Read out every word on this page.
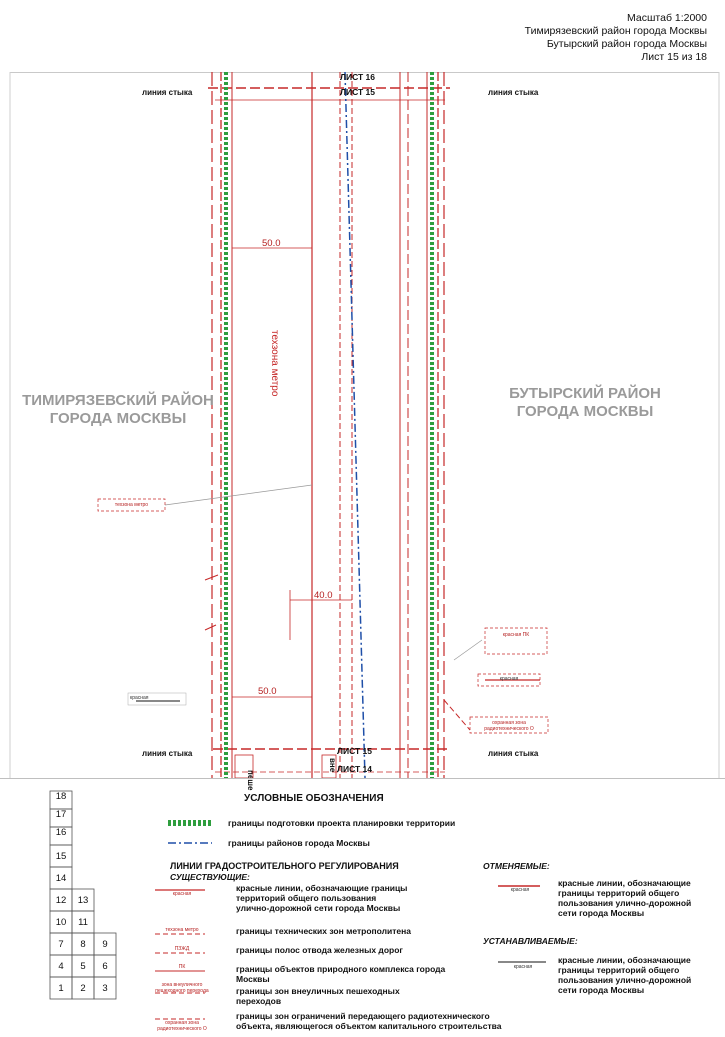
Масштаб 1:2000
Тимирязевский район города Москвы
Бутырский район города Москвы
Лист 15 из 18
ЛИСТ 16
ЛИСТ 15
ЛИСТ 15
ЛИСТ 14
линия стыка	линия стыка
линия стыка	линия стыка
ТИМИРЯЗЕВСКИЙ РАЙОН
ГОРОДА МОСКВЫ
БУТЫРСКИЙ РАЙОН
ГОРОДА МОСКВЫ
техзона метро
50.0
40.0
50.0
техзона метро
красная
красная ПК
красная
охранная зона
радиотехнического О
пеше
вне
18
17
16
15
14
12	13
10	11
7	8	9
4	5	6
1	2	3
УСЛОВНЫЕ ОБОЗНАЧЕНИЯ
красная
техзона метро
ПЗЖД
ПК
зона внеуличного
пешеходного перехода
охранная зона
радиотехнического О
красная
красная
границы подготовки проекта планировки территории
границы районов города Москвы
ЛИНИИ ГРАДОСТРОИТЕЛЬНОГО РЕГУЛИРОВАНИЯ
СУЩЕСТВУЮЩИЕ:
красные линии, обозначающие границы
территорий общего пользования
улично-дорожной сети города Москвы
границы технических зон метрополитена
границы полос отвода железных дорог
границы объектов природного комплекса города
Москвы
границы зон внеуличных пешеходных
переходов
границы зон ограничений передающего радиотехнического
объекта, являющегося объектом капитального строительства
ОТМЕНЯЕМЫЕ:
красные линии, обозначающие
границы территорий общего
пользования улично-дорожной
сети города Москвы
УСТАНАВЛИВАЕМЫЕ:
красные линии, обозначающие
границы территорий общего
пользования улично-дорожной
сети города Москвы
